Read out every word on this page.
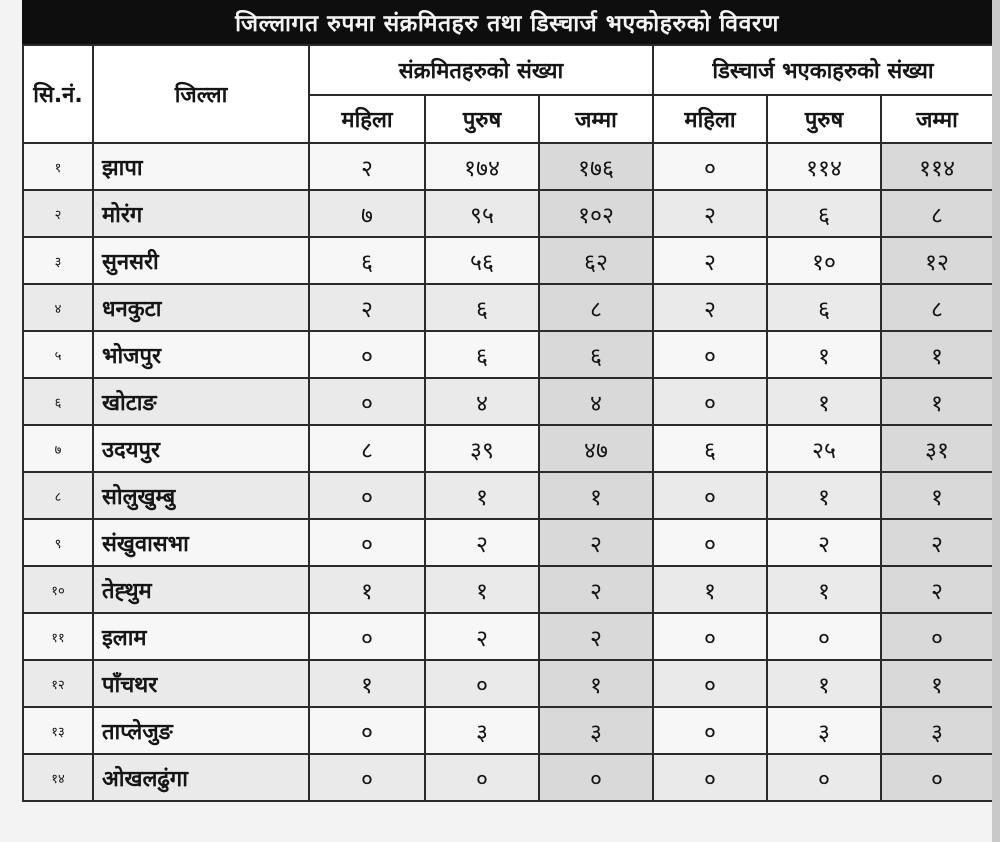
जिल्लागत रुपमा संक्रमितहरु तथा डिस्चार्ज भएकोहरुको विवरण
सि.नं.	जिल्ला	संक्रमितहरुको संख्या			डिस्चार्ज भएकाहरुको संख्या		
		महिला	पुरुष	जम्मा	महिला	पुरुष	जम्मा
१	झापा	२	१७४	१७६	०	११४	११४
२	मोरंग	७	९५	१०२	२	६	८
३	सुनसरी	६	५६	६२	२	१०	१२
४	धनकुटा	२	६	८	२	६	८
५	भोजपुर	०	६	६	०	१	१
६	खोटाङ	०	४	४	०	१	१
७	उदयपुर	८	३९	४७	६	२५	३१
८	सोलुखुम्बु	०	१	१	०	१	१
९	संखुवासभा	०	२	२	०	२	२
१०	तेह्थुम	१	१	२	१	१	२
११	इलाम	०	२	२	०	०	०
१२	पाँचथर	१	०	१	०	१	१
१३	ताप्लेजुङ	०	३	३	०	३	३
१४	ओखलढुंगा	०	०	०	०	०	०
